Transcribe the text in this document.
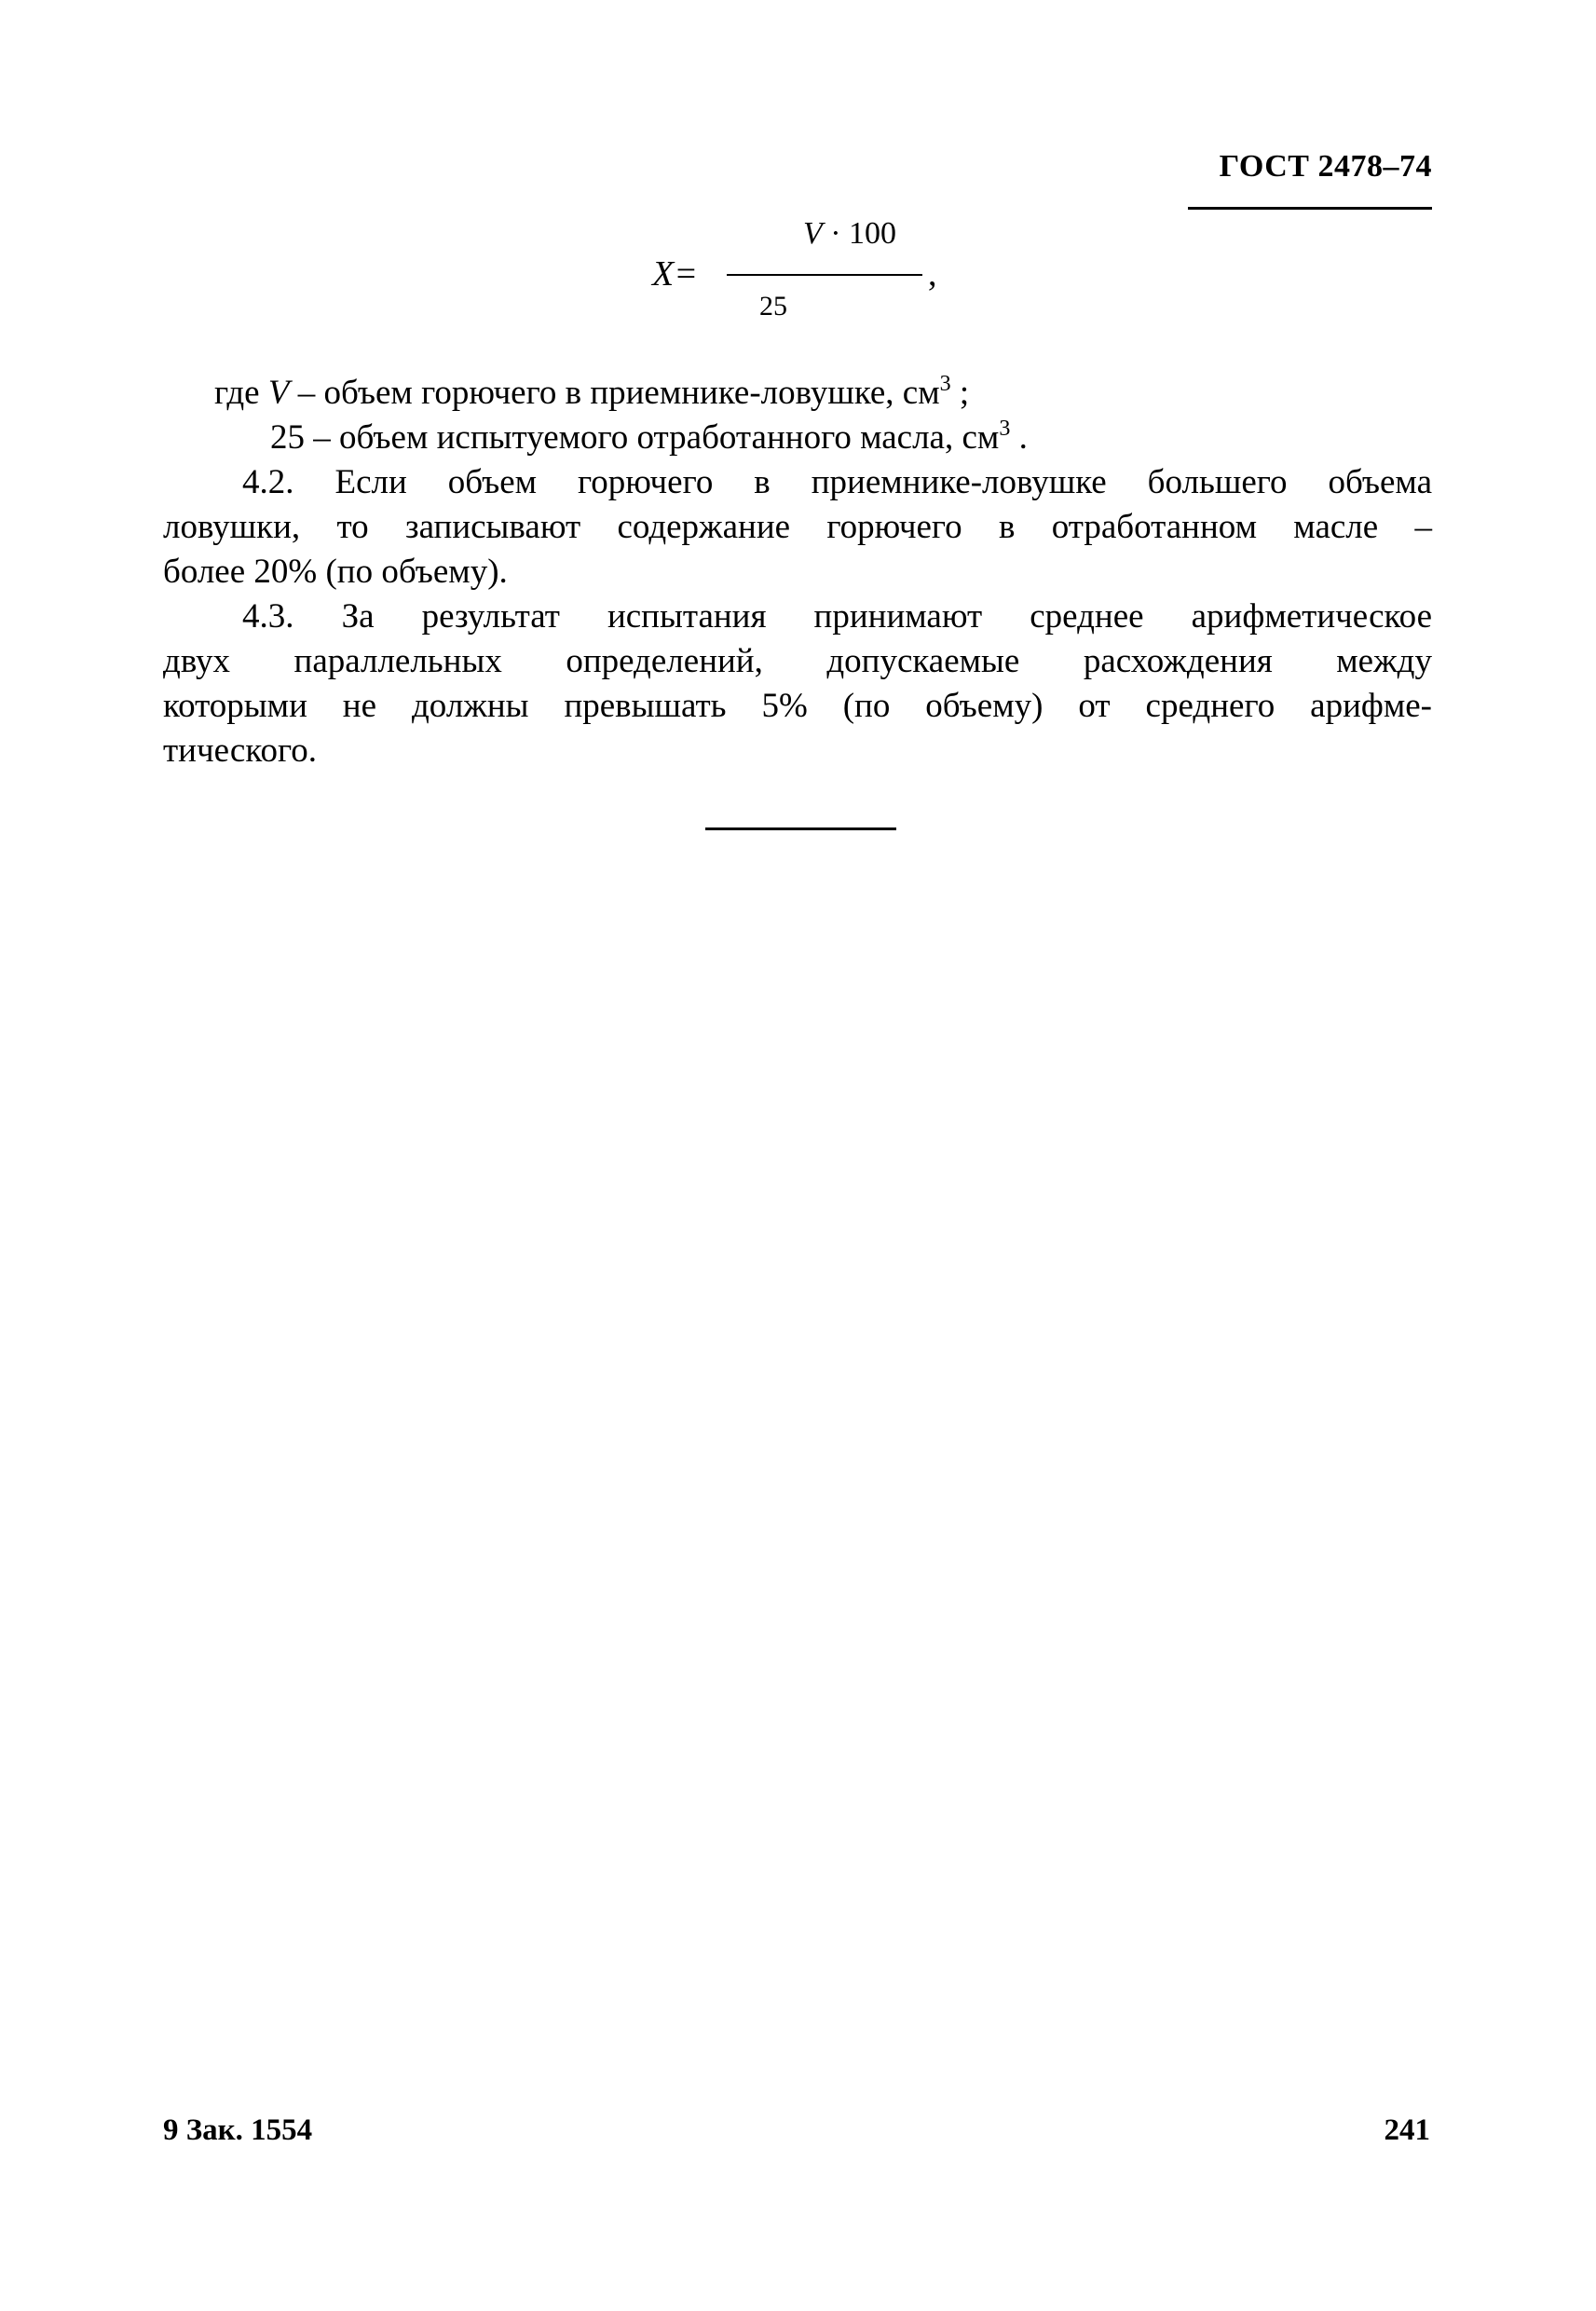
ГОСТ 2478–74
X=
V · 100
25
,
где V – объем горючего в приемнике-ловушке, $см^3$ ;
25 – объем испытуемого отработанного масла, $см^3$ .
4.2. Если объем горючего в приемнике-ловушке большего объема
ловушки, то записывают содержание горючего в отработанном масле –
более 20% (по объему).
4.3. За результат испытания принимают среднее арифметическое
двух параллельных определений, допускаемые расхождения между
которыми не должны превышать 5% (по объему) от среднего арифме-
тического.
9 Зак. 1554	241
